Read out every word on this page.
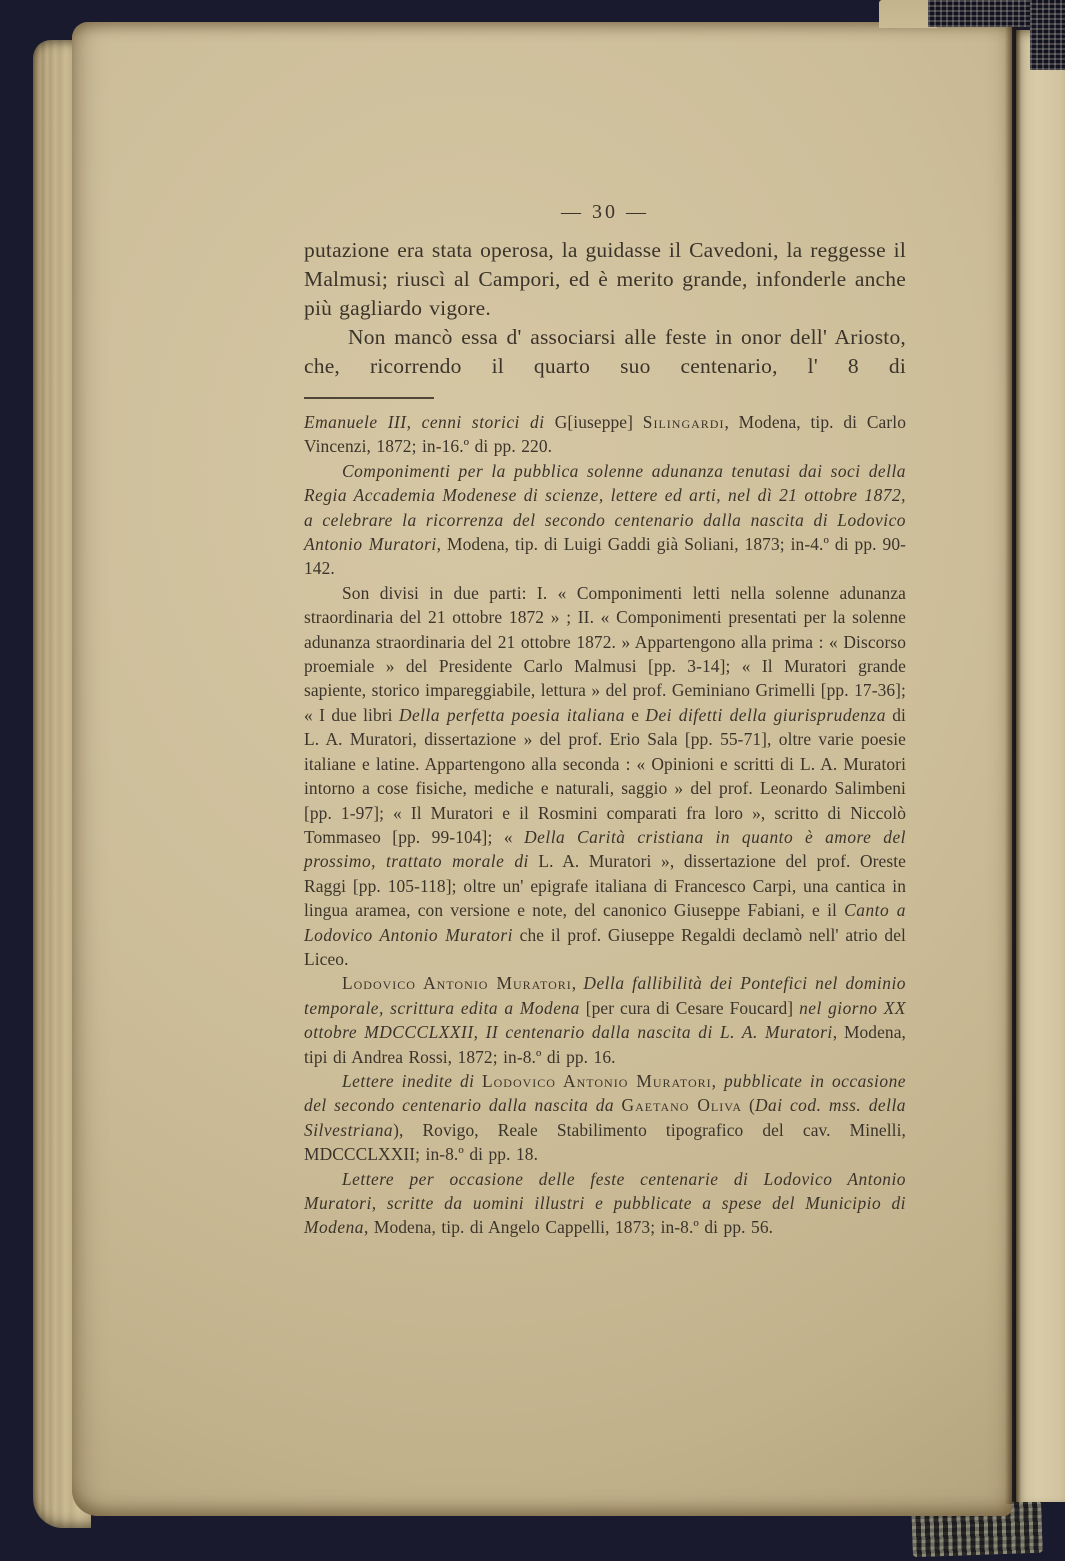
— 30 —

putazione era stata operosa, la guidasse il Cavedoni, la reggesse il Malmusi; riuscì al Campori, ed è merito grande, infonderle anche più gagliardo vigore.

Non mancò essa d' associarsi alle feste in onor dell' Ariosto, che, ricorrendo il quarto suo centenario, l' 8 di

Emanuele III, cenni storici di G[iuseppe] Silingardi, Modena, tip. di Carlo Vincenzi, 1872; in-16.º di pp. 220.

Componimenti per la pubblica solenne adunanza tenutasi dai soci della Regia Accademia Modenese di scienze, lettere ed arti, nel dì 21 ottobre 1872, a celebrare la ricorrenza del secondo centenario dalla nascita di Lodovico Antonio Muratori, Modena, tip. di Luigi Gaddi già Soliani, 1873; in-4.º di pp. 90-142.

Son divisi in due parti: I. « Componimenti letti nella solenne adunanza straordinaria del 21 ottobre 1872 » ; II. « Componimenti presentati per la solenne adunanza straordinaria del 21 ottobre 1872. » Appartengono alla prima : « Discorso proemiale » del Presidente Carlo Malmusi [pp. 3-14]; « Il Muratori grande sapiente, storico impareggiabile, lettura » del prof. Geminiano Grimelli [pp. 17-36]; « I due libri Della perfetta poesia italiana e Dei difetti della giurisprudenza di L. A. Muratori, dissertazione » del prof. Erio Sala [pp. 55-71], oltre varie poesie italiane e latine. Appartengono alla seconda : « Opinioni e scritti di L. A. Muratori intorno a cose fisiche, mediche e naturali, saggio » del prof. Leonardo Salimbeni [pp. 1-97]; « Il Muratori e il Rosmini comparati fra loro », scritto di Niccolò Tommaseo [pp. 99-104]; « Della Carità cristiana in quanto è amore del prossimo, trattato morale di L. A. Muratori », dissertazione del prof. Oreste Raggi [pp. 105-118]; oltre un' epigrafe italiana di Francesco Carpi, una cantica in lingua aramea, con versione e note, del canonico Giuseppe Fabiani, e il Canto a Lodovico Antonio Muratori che il prof. Giuseppe Regaldi declamò nell' atrio del Liceo.

Lodovico Antonio Muratori, Della fallibilità dei Pontefici nel dominio temporale, scrittura edita a Modena [per cura di Cesare Foucard] nel giorno XX ottobre MDCCCLXXII, II centenario dalla nascita di L. A. Muratori, Modena, tipi di Andrea Rossi, 1872; in-8.º di pp. 16.

Lettere inedite di Lodovico Antonio Muratori, pubblicate in occasione del secondo centenario dalla nascita da Gaetano Oliva (Dai cod. mss. della Silvestriana), Rovigo, Reale Stabilimento tipografico del cav. Minelli, MDCCCLXXII; in-8.º di pp. 18.

Lettere per occasione delle feste centenarie di Lodovico Antonio Muratori, scritte da uomini illustri e pubblicate a spese del Municipio di Modena, Modena, tip. di Angelo Cappelli, 1873; in-8.º di pp. 56.
